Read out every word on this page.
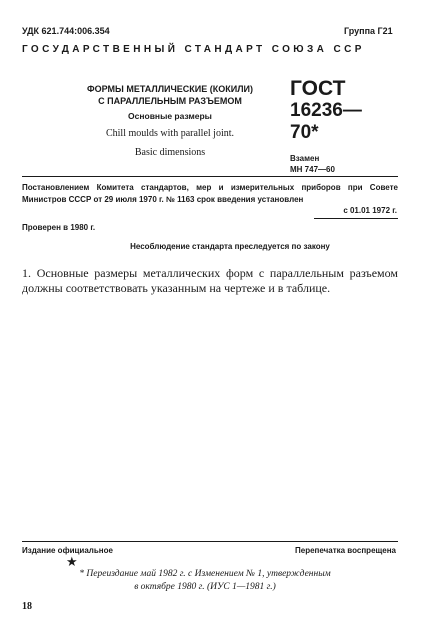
УДК 621.744:006.354	Группа Г21
ГОСУДАРСТВЕННЫЙ СТАНДАРТ СОЮЗА ССР
ФОРМЫ МЕТАЛЛИЧЕСКИЕ (КОКИЛИ)
С ПАРАЛЛЕЛЬНЫМ РАЗЪЕМОМ
Основные размеры
Chill moulds with parallel joint.
Basic dimensions
ГОСТ
16236—70*
Взамен
МН 747—60
Постановлением Комитета стандартов, мер и измерительных приборов при Совете Министров СССР от 29 июля 1970 г. № 1163 срок введения установлен
с 01.01 1972 г.
Проверен в 1980 г.
Несоблюдение стандарта преследуется по закону
1. Основные размеры металлических форм с параллельным разъемом должны соответствовать указанным на чертеже и в таблице.
Издание официальное	Перепечатка воспрещена
★
* Переиздание май 1982 г. с Изменением № 1, утвержденным
в октябре 1980 г. (ИУС 1—1981 г.)
18
